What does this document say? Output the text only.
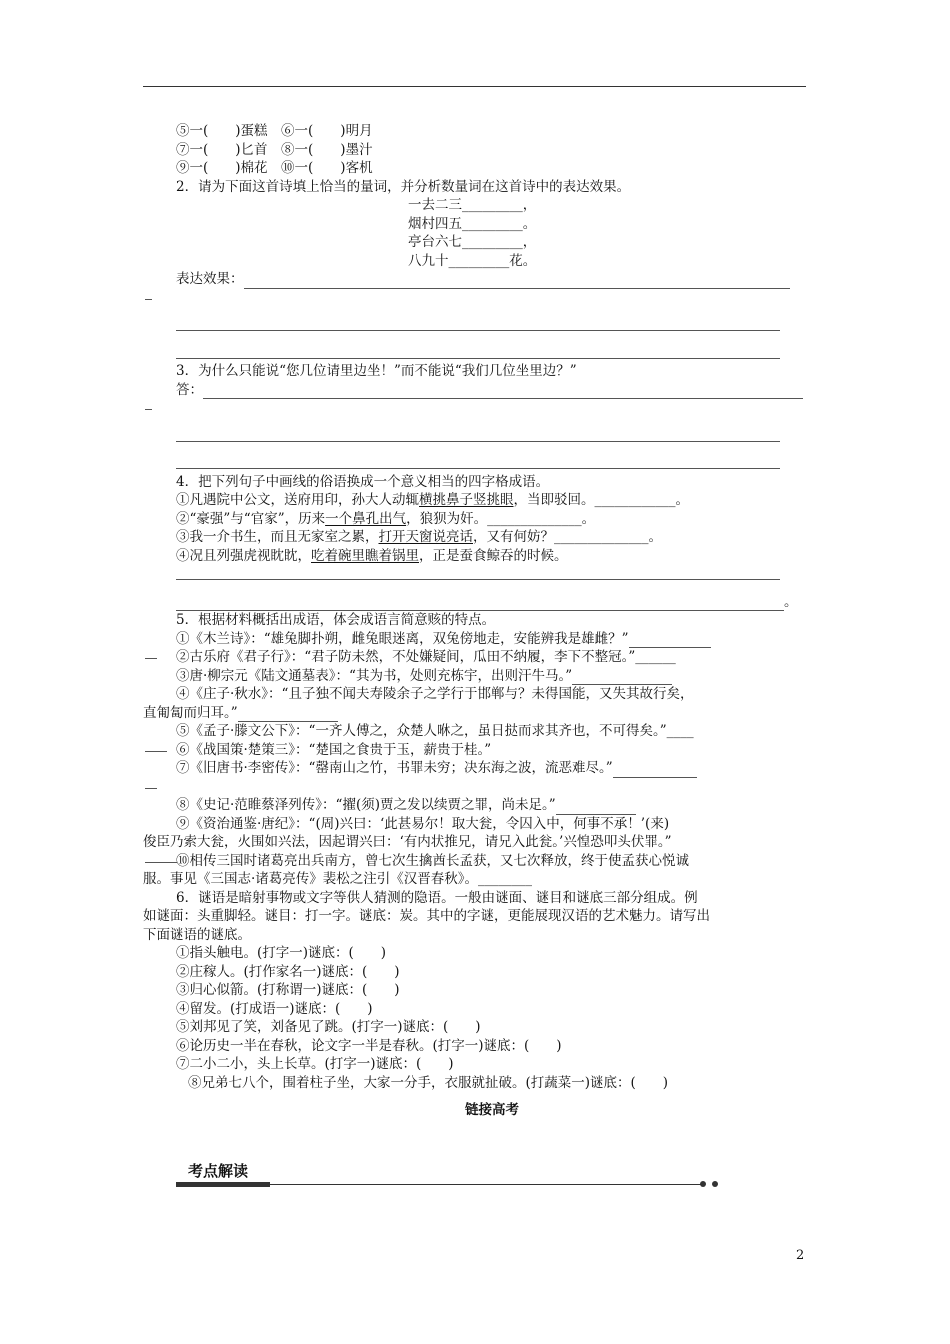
⑤一(　　)蛋糕　⑥一(　　)明月

⑦一(　　)匕首　⑧一(　　)墨汁

⑨一(　　)棉花　⑩一(　　)客机

2．请为下面这首诗填上恰当的量词，并分析数量词在这首诗中的表达效果。

一去二三_________，

烟村四五_________。

亭台六七_________，

八九十_________花。

表达效果：

3．为什么只能说“您几位请里边坐！”而不能说“我们几位坐里边？”

答：

4．把下列句子中画线的俗语换成一个意义相当的四字格成语。

①凡遇院中公文，送府用印，孙大人动辄横挑鼻子竖挑眼，当即驳回。____________。

②“豪强”与“官家”，历来一个鼻孔出气，狼狈为奸。______________。

③我一介书生，而且无家室之累，打开天窗说亮话，又有何妨？______________。

④况且列强虎视眈眈，吃着碗里瞧着锅里，正是蚕食鲸吞的时候。

。

5．根据材料概括出成语，体会成语言简意赅的特点。

①《木兰诗》：“雄兔脚扑朔，雌兔眼迷离，双兔傍地走，安能辨我是雄雌？”

②古乐府《君子行》：“君子防未然，不处嫌疑间，瓜田不纳履，李下不整冠。”______

③唐·柳宗元《陆文通墓表》：“其为书，处则充栋宇，出则汗牛马。”

④《庄子·秋水》：“且子独不闻夫寿陵余子之学行于邯郸与？未得国能，又失其故行矣，

直匍匐而归耳。”

⑤《孟子·滕文公下》：“一齐人傅之，众楚人咻之，虽日挞而求其齐也，不可得矣。”____

⑥《战国策·楚策三》：“楚国之食贵于玉，薪贵于桂。”

⑦《旧唐书·李密传》：“罄南山之竹，书罪未穷；决东海之波，流恶难尽。”

⑧《史记·范睢蔡泽列传》：“擢(须)贾之发以续贾之罪，尚未足。”

⑨《资治通鉴·唐纪》：“(周)兴曰：‘此甚易尔！取大瓮，令囚入中，何事不承！’(来)

俊臣乃索大瓮，火围如兴法，因起谓兴曰：‘有内状推兄，请兄入此瓮。’兴惶恐叩头伏罪。”

⑩相传三国时诸葛亮出兵南方，曾七次生擒酋长孟获，又七次释放，终于使孟获心悦诚

服。事见《三国志·诸葛亮传》裴松之注引《汉晋春秋》。________

6．谜语是暗射事物或文字等供人猜测的隐语。一般由谜面、谜目和谜底三部分组成。例

如谜面：头重脚轻。谜目：打一字。谜底：炭。其中的字谜，更能展现汉语的艺术魅力。请写出

下面谜语的谜底。

①指头触电。(打字一)谜底：(　　)

②庄稼人。(打作家名一)谜底：(　　)

③归心似箭。(打称谓一)谜底：(　　)

④留发。(打成语一)谜底：(　　)

⑤刘邦见了笑，刘备见了跳。(打字一)谜底：(　　)

⑥论历史一半在春秋，论文字一半是春秋。(打字一)谜底：(　　)

⑦二小二小，头上长草。(打字一)谜底：(　　)

⑧兄弟七八个，围着柱子坐，大家一分手，衣服就扯破。(打蔬菜一)谜底：(　　)

链接高考

考点解读
2
